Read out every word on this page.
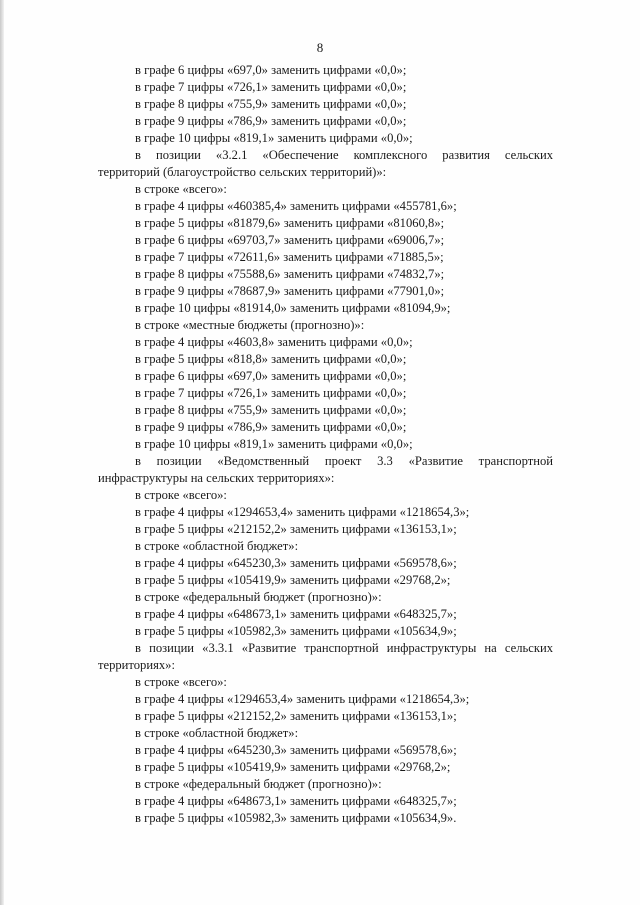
8
в графе 6 цифры «697,0» заменить цифрами «0,0»;
в графе 7 цифры «726,1» заменить цифрами «0,0»;
в графе 8 цифры «755,9» заменить цифрами «0,0»;
в графе 9 цифры «786,9» заменить цифрами «0,0»;
в графе 10 цифры «819,1» заменить цифрами «0,0»;
в позиции «3.2.1 «Обеспечение комплексного развития сельских
территорий (благоустройство сельских территорий)»:
в строке «всего»:
в графе 4 цифры «460385,4» заменить цифрами «455781,6»;
в графе 5 цифры «81879,6» заменить цифрами «81060,8»;
в графе 6 цифры «69703,7» заменить цифрами «69006,7»;
в графе 7 цифры «72611,6» заменить цифрами «71885,5»;
в графе 8 цифры «75588,6» заменить цифрами «74832,7»;
в графе 9 цифры «78687,9» заменить цифрами «77901,0»;
в графе 10 цифры «81914,0» заменить цифрами «81094,9»;
в строке «местные бюджеты (прогнозно)»:
в графе 4 цифры «4603,8» заменить цифрами «0,0»;
в графе 5 цифры «818,8» заменить цифрами «0,0»;
в графе 6 цифры «697,0» заменить цифрами «0,0»;
в графе 7 цифры «726,1» заменить цифрами «0,0»;
в графе 8 цифры «755,9» заменить цифрами «0,0»;
в графе 9 цифры «786,9» заменить цифрами «0,0»;
в графе 10 цифры «819,1» заменить цифрами «0,0»;
в позиции «Ведомственный проект 3.3 «Развитие транспортной
инфраструктуры на сельских территориях»:
в строке «всего»:
в графе 4 цифры «1294653,4» заменить цифрами «1218654,3»;
в графе 5 цифры «212152,2» заменить цифрами «136153,1»;
в строке «областной бюджет»:
в графе 4 цифры «645230,3» заменить цифрами «569578,6»;
в графе 5 цифры «105419,9» заменить цифрами «29768,2»;
в строке «федеральный бюджет (прогнозно)»:
в графе 4 цифры «648673,1» заменить цифрами «648325,7»;
в графе 5 цифры «105982,3» заменить цифрами «105634,9»;
в позиции «3.3.1 «Развитие транспортной инфраструктуры на сельских
территориях»:
в строке «всего»:
в графе 4 цифры «1294653,4» заменить цифрами «1218654,3»;
в графе 5 цифры «212152,2» заменить цифрами «136153,1»;
в строке «областной бюджет»:
в графе 4 цифры «645230,3» заменить цифрами «569578,6»;
в графе 5 цифры «105419,9» заменить цифрами «29768,2»;
в строке «федеральный бюджет (прогнозно)»:
в графе 4 цифры «648673,1» заменить цифрами «648325,7»;
в графе 5 цифры «105982,3» заменить цифрами «105634,9».
